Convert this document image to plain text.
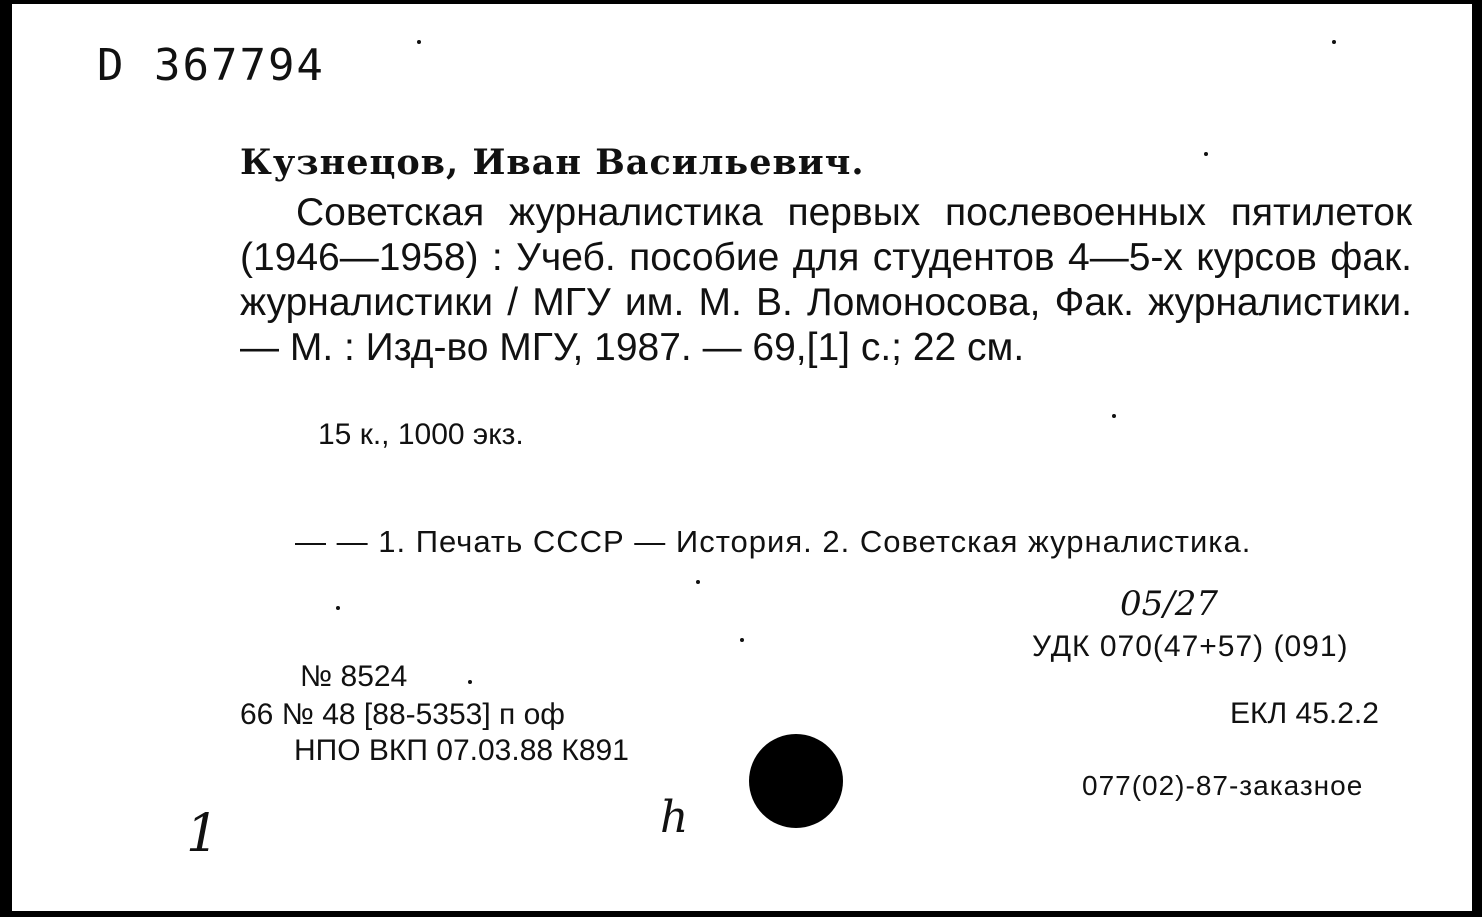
D 367794
Кузнецов, Иван Васильевич.
Советская журналистика первых послевоенных пятилеток (1946—1958) : Учеб. пособие для студентов 4—5-х курсов фак. журналистики / МГУ им. М. В. Ломоносова, Фак. журналистики. — М. : Изд-во МГУ, 1987. — 69,[1] с.; 22 см.
15 к., 1000 экз.
— — 1. Печать СССР — История. 2. Советская журналистика.
05/27
УДК 070(47+57) (091)
ЕКЛ 45.2.2
077(02)-87-заказное
№ 8524
66 № 48 [88-5353] п оф
НПО ВКП 07.03.88 К891
1	h
